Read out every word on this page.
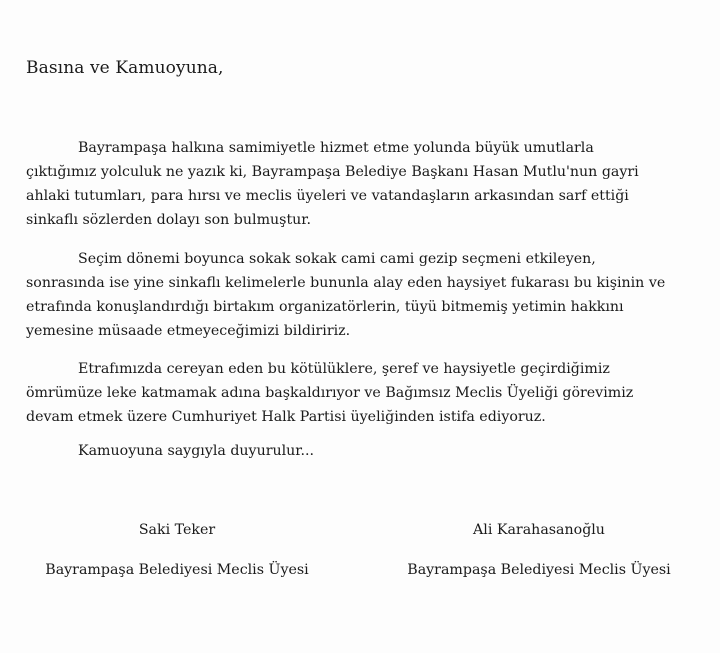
Basına ve Kamuoyuna,
Bayrampaşa halkına samimiyetle hizmet etme yolunda büyük umutlarla
çıktığımız yolculuk ne yazık ki, Bayrampaşa Belediye Başkanı Hasan Mutlu'nun gayri
ahlaki tutumları, para hırsı ve meclis üyeleri ve vatandaşların arkasından sarf ettiği
sinkaflı sözlerden dolayı son bulmuştur.
Seçim dönemi boyunca sokak sokak cami cami gezip seçmeni etkileyen,
sonrasında ise yine sinkaflı kelimelerle bununla alay eden haysiyet fukarası bu kişinin ve
etrafında konuşlandırdığı birtakım organizatörlerin, tüyü bitmemiş yetimin hakkını
yemesine müsaade etmeyeceğimizi bildiririz.
Etrafımızda cereyan eden bu kötülüklere, şeref ve haysiyetle geçirdiğimiz
ömrümüze leke katmamak adına başkaldırıyor ve Bağımsız Meclis Üyeliği görevimiz
devam etmek üzere Cumhuriyet Halk Partisi üyeliğinden istifa ediyoruz.
Kamuoyuna saygıyla duyurulur...
Saki Teker
Bayrampaşa Belediyesi Meclis Üyesi
Ali Karahasanoğlu
Bayrampaşa Belediyesi Meclis Üyesi
